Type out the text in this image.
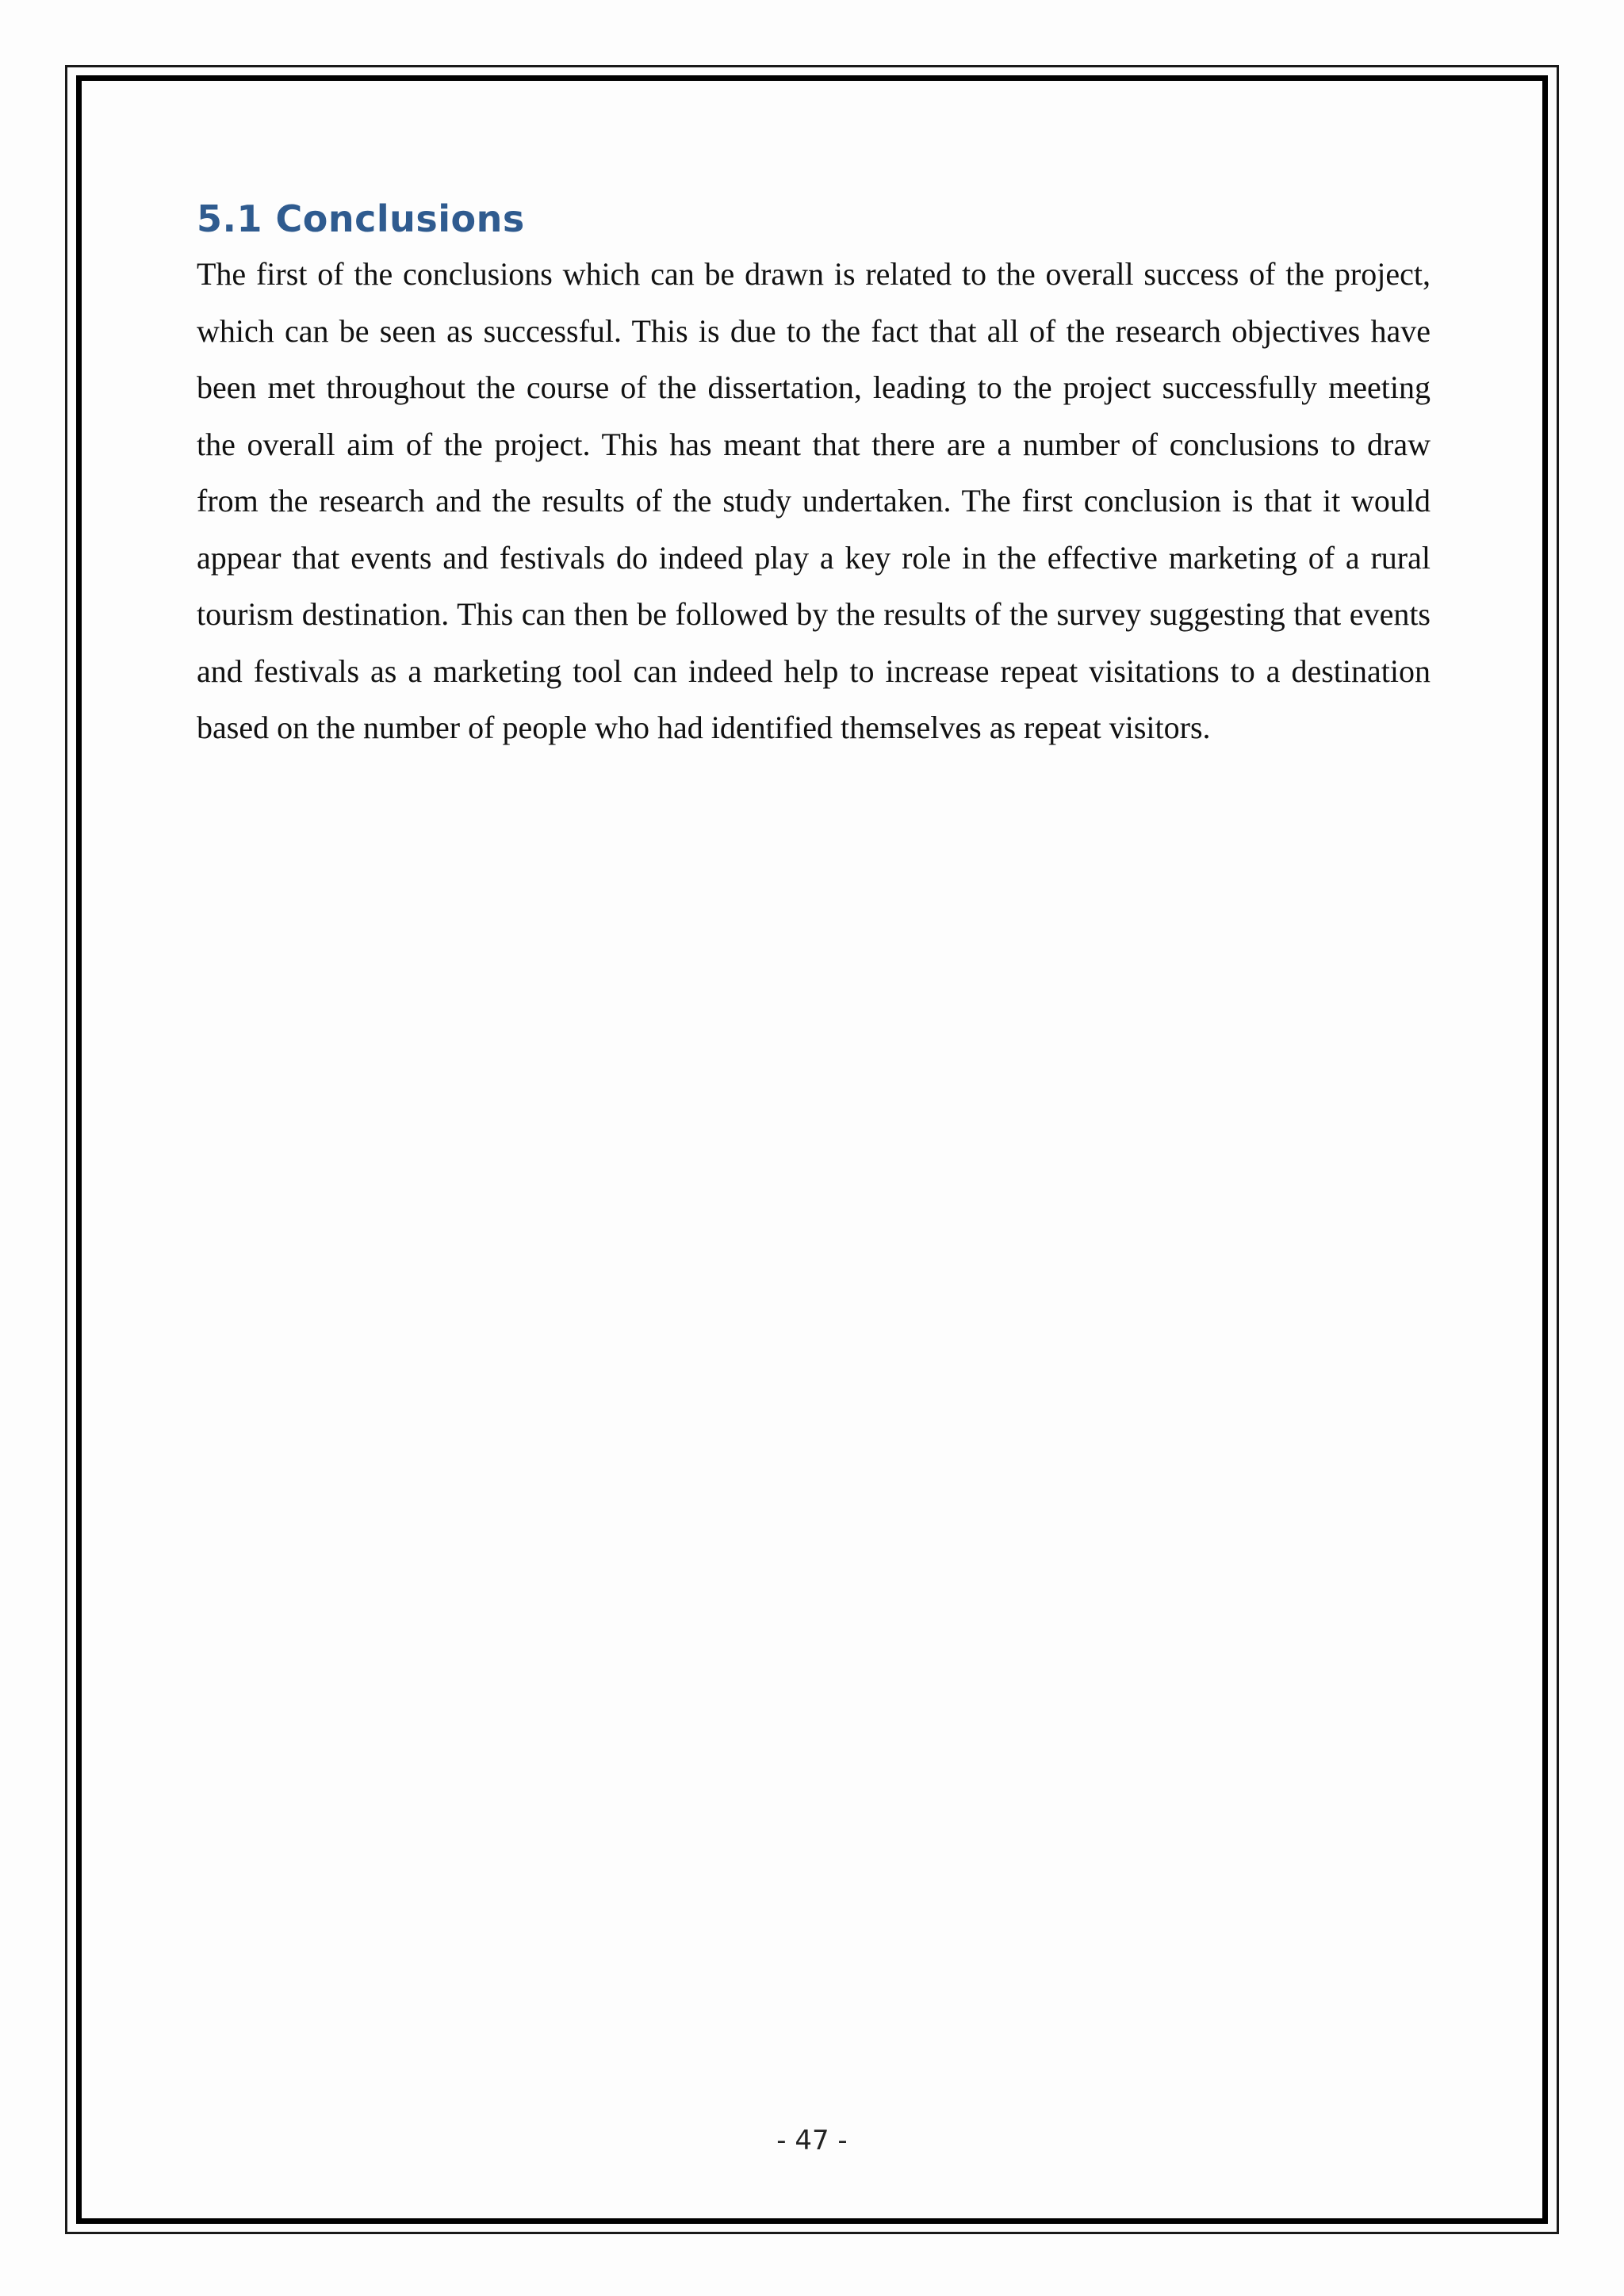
5.1 Conclusions

The first of the conclusions which can be drawn is related to the overall success of the project, which can be seen as successful. This is due to the fact that all of the research objectives have been met throughout the course of the dissertation, leading to the project successfully meeting the overall aim of the project. This has meant that there are a number of conclusions to draw from the research and the results of the study undertaken. The first conclusion is that it would appear that events and festivals do indeed play a key role in the effective marketing of a rural tourism destination. This can then be followed by the results of the survey suggesting that events and festivals as a marketing tool can indeed help to increase repeat visitations to a destination based on the number of people who had identified themselves as repeat visitors.

- 47 -
